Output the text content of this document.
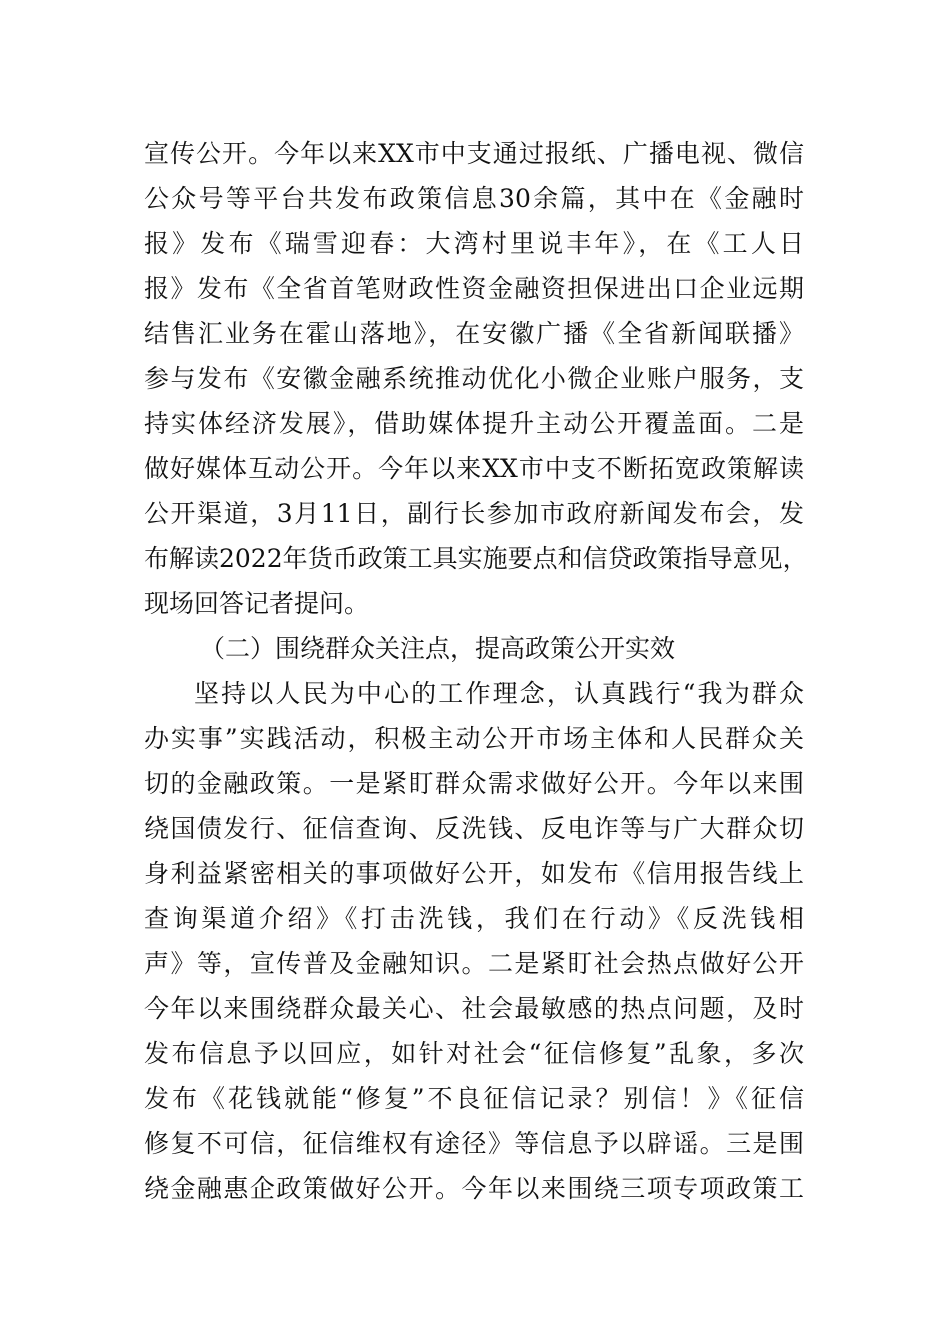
宣传公开。今年以来XX市中支通过报纸、广播电视、微信
公众号等平台共发布政策信息30余篇，其中在《金融时
报》发布《瑞雪迎春：大湾村里说丰年》，在《工人日
报》发布《全省首笔财政性资金融资担保进出口企业远期
结售汇业务在霍山落地》，在安徽广播《全省新闻联播》
参与发布《安徽金融系统推动优化小微企业账户服务，支
持实体经济发展》，借助媒体提升主动公开覆盖面。二是
做好媒体互动公开。今年以来XX市中支不断拓宽政策解读
公开渠道，3月11日，副行长参加市政府新闻发布会，发
布解读2022年货币政策工具实施要点和信贷政策指导意见，
现场回答记者提问。
（二）围绕群众关注点，提高政策公开实效
坚持以人民为中心的工作理念，认真践行“我为群众
办实事”实践活动，积极主动公开市场主体和人民群众关
切的金融政策。一是紧盯群众需求做好公开。今年以来围
绕国债发行、征信查询、反洗钱、反电诈等与广大群众切
身利益紧密相关的事项做好公开，如发布《信用报告线上
查询渠道介绍》《打击洗钱，我们在行动》《反洗钱相
声》等，宣传普及金融知识。二是紧盯社会热点做好公开
今年以来围绕群众最关心、社会最敏感的热点问题，及时
发布信息予以回应，如针对社会“征信修复”乱象，多次
发布《花钱就能“修复”不良征信记录？别信！》《征信
修复不可信，征信维权有途径》等信息予以辟谣。三是围
绕金融惠企政策做好公开。今年以来围绕三项专项政策工
